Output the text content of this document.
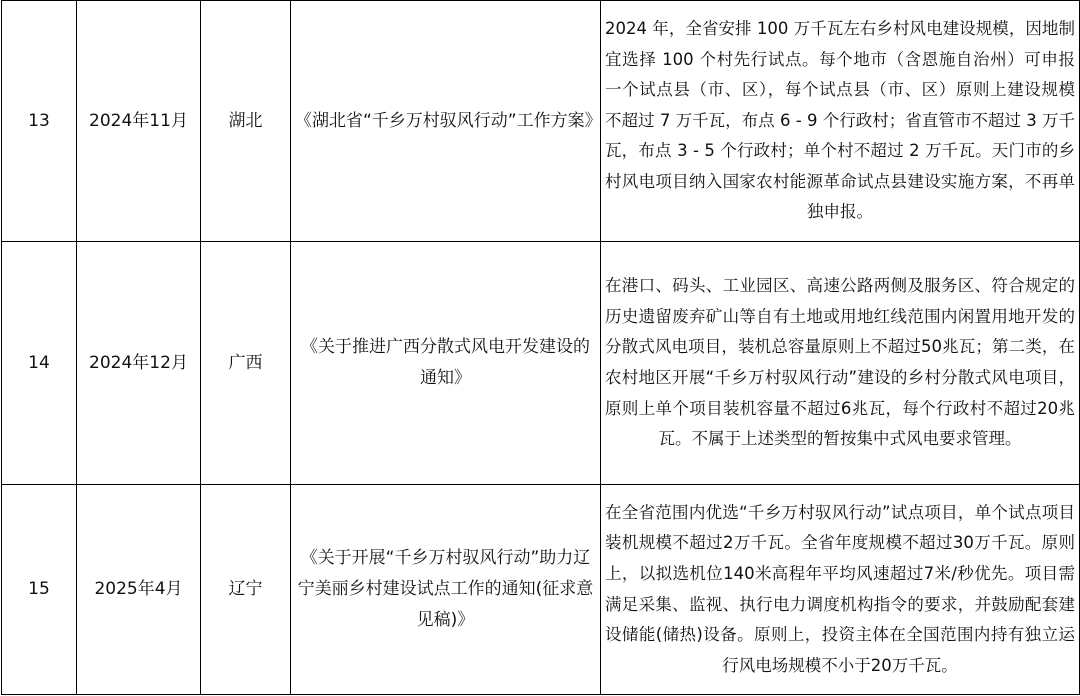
13	2024年11月	湖北	《湖北省“千乡万村驭风行动”工作方案》	2024 年，全省安排 100 万千瓦左右乡村风电建设规模，因地制宜选择 100 个村先行试点。每个地市（含恩施自治州）可申报一个试点县（市、区），每个试点县（市、区）原则上建设规模不超过 7 万千瓦，布点 6 - 9 个行政村；省直管市不超过 3 万千瓦，布点 3 - 5 个行政村；单个村不超过 2 万千瓦。天门市的乡村风电项目纳入国家农村能源革命试点县建设实施方案，不再单独申报。
14	2024年12月	广西	《关于推进广西分散式风电开发建设的通知》	在港口、码头、工业园区、高速公路两侧及服务区、符合规定的历史遗留废弃矿山等自有土地或用地红线范围内闲置用地开发的分散式风电项目，装机总容量原则上不超过50兆瓦；第二类，在农村地区开展“千乡万村驭风行动”建设的乡村分散式风电项目，原则上单个项目装机容量不超过6兆瓦，每个行政村不超过20兆瓦。不属于上述类型的暂按集中式风电要求管理。
15	2025年4月	辽宁	《关于开展“千乡万村驭风行动”助力辽宁美丽乡村建设试点工作的通知(征求意见稿)》	在全省范围内优选“千乡万村驭风行动”试点项目，单个试点项目装机规模不超过2万千瓦。全省年度规模不超过30万千瓦。原则上，以拟选机位140米高程年平均风速超过7米/秒优先。项目需满足采集、监视、执行电力调度机构指令的要求，并鼓励配套建设储能(储热)设备。原则上，投资主体在全国范围内持有独立运行风电场规模不小于20万千瓦。
